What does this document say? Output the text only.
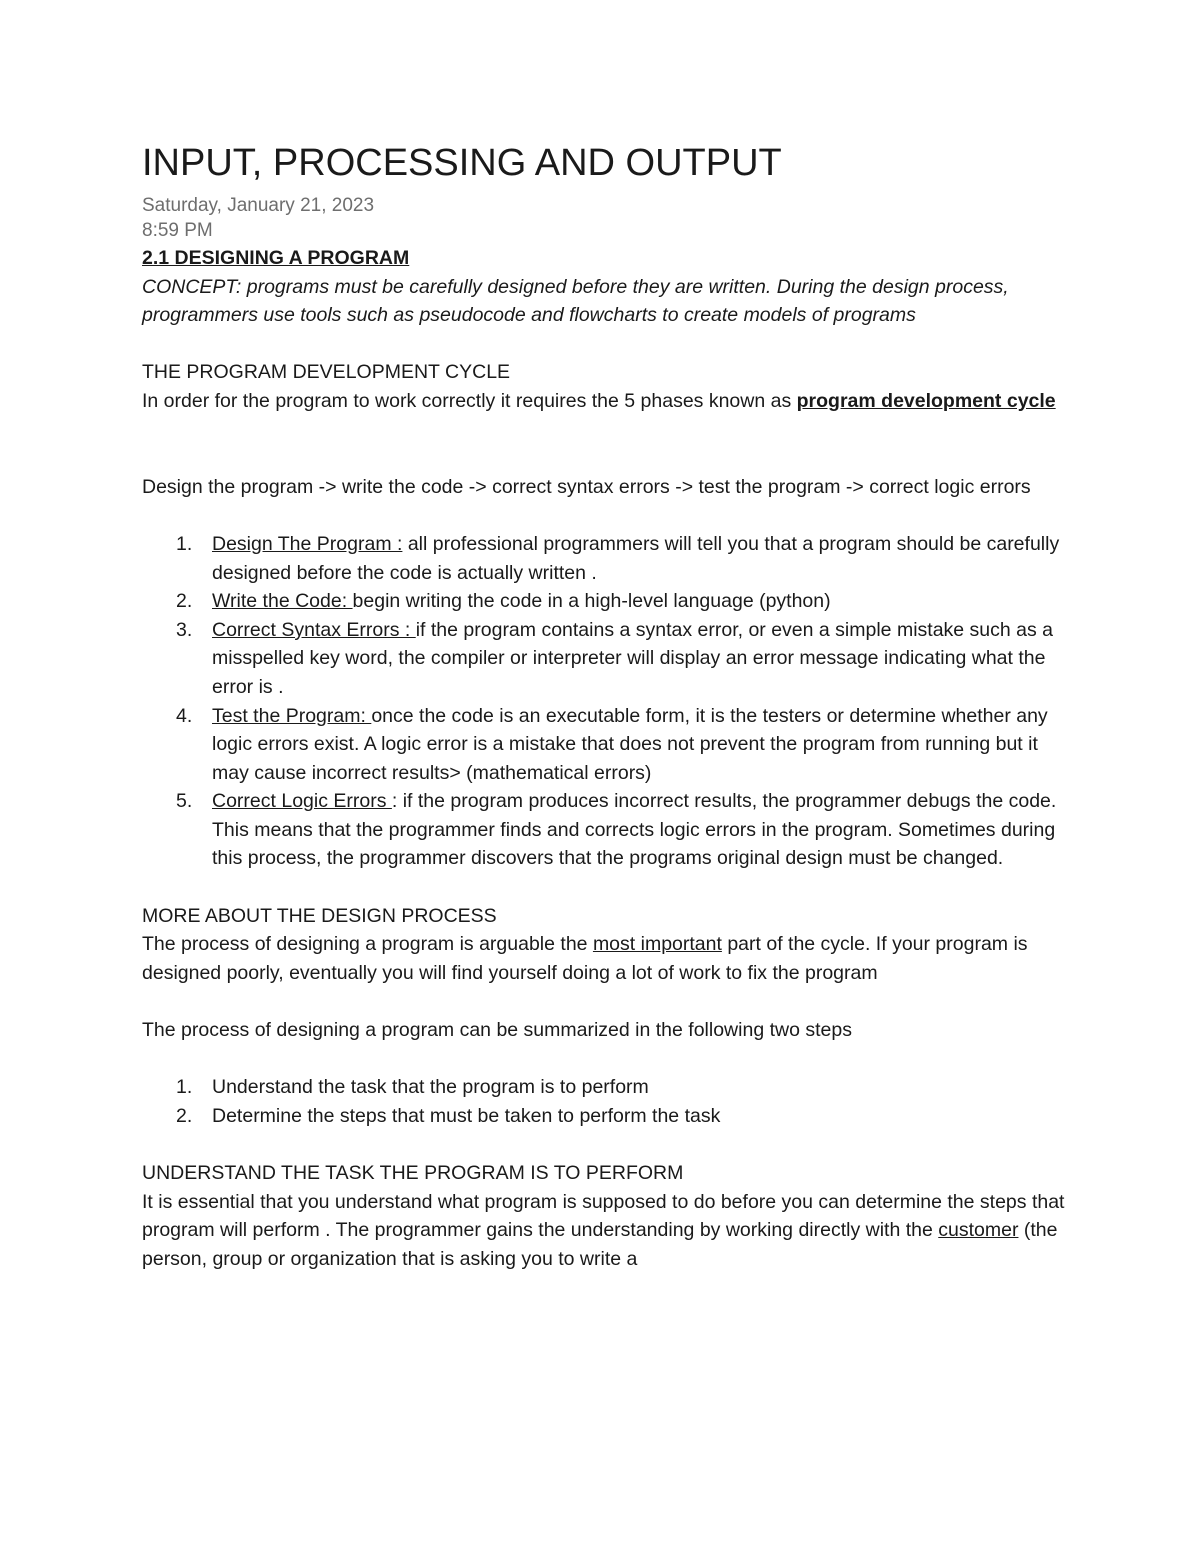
INPUT, PROCESSING AND OUTPUT
Saturday, January 21, 2023
8:59 PM

2.1 DESIGNING A PROGRAM

CONCEPT: programs must be carefully designed before they are written. During the design process, programmers use tools such as pseudocode and flowcharts to create models of programs

THE PROGRAM DEVELOPMENT CYCLE

In order for the program to work correctly it requires the 5 phases known as program development cycle

Design the program -> write the code -> correct syntax errors -> test the program -> correct logic errors

1. Design The Program : all professional programmers will tell you that a program should be carefully designed before the code is actually written .
2. Write the Code: begin writing the code in a high-level language (python)
3. Correct Syntax Errors : if the program contains a syntax error, or even a simple mistake such as a misspelled key word, the compiler or interpreter will display an error message indicating what the error is .
4. Test the Program: once the code is an executable form, it is the testers or determine whether any logic errors exist. A logic error is a mistake that does not prevent the program from running but it may cause incorrect results> (mathematical errors)
5. Correct Logic Errors : if the program produces incorrect results, the programmer debugs the code. This means that the programmer finds and corrects logic errors in the program. Sometimes during this process, the programmer discovers that the programs original design must be changed.

MORE ABOUT THE DESIGN PROCESS

The process of designing a program is arguable the most important part of the cycle. If your program is designed poorly, eventually you will find yourself doing a lot of work to fix the program

The process of designing a program can be summarized in the following two steps

1. Understand the task that the program is to perform
2. Determine the steps that must be taken to perform the task

UNDERSTAND THE TASK THE PROGRAM IS TO PERFORM

It is essential that you understand what program is supposed to do before you can determine the steps that program will perform . The programmer gains the understanding by working directly with the customer (the person, group or organization that is asking you to write a
